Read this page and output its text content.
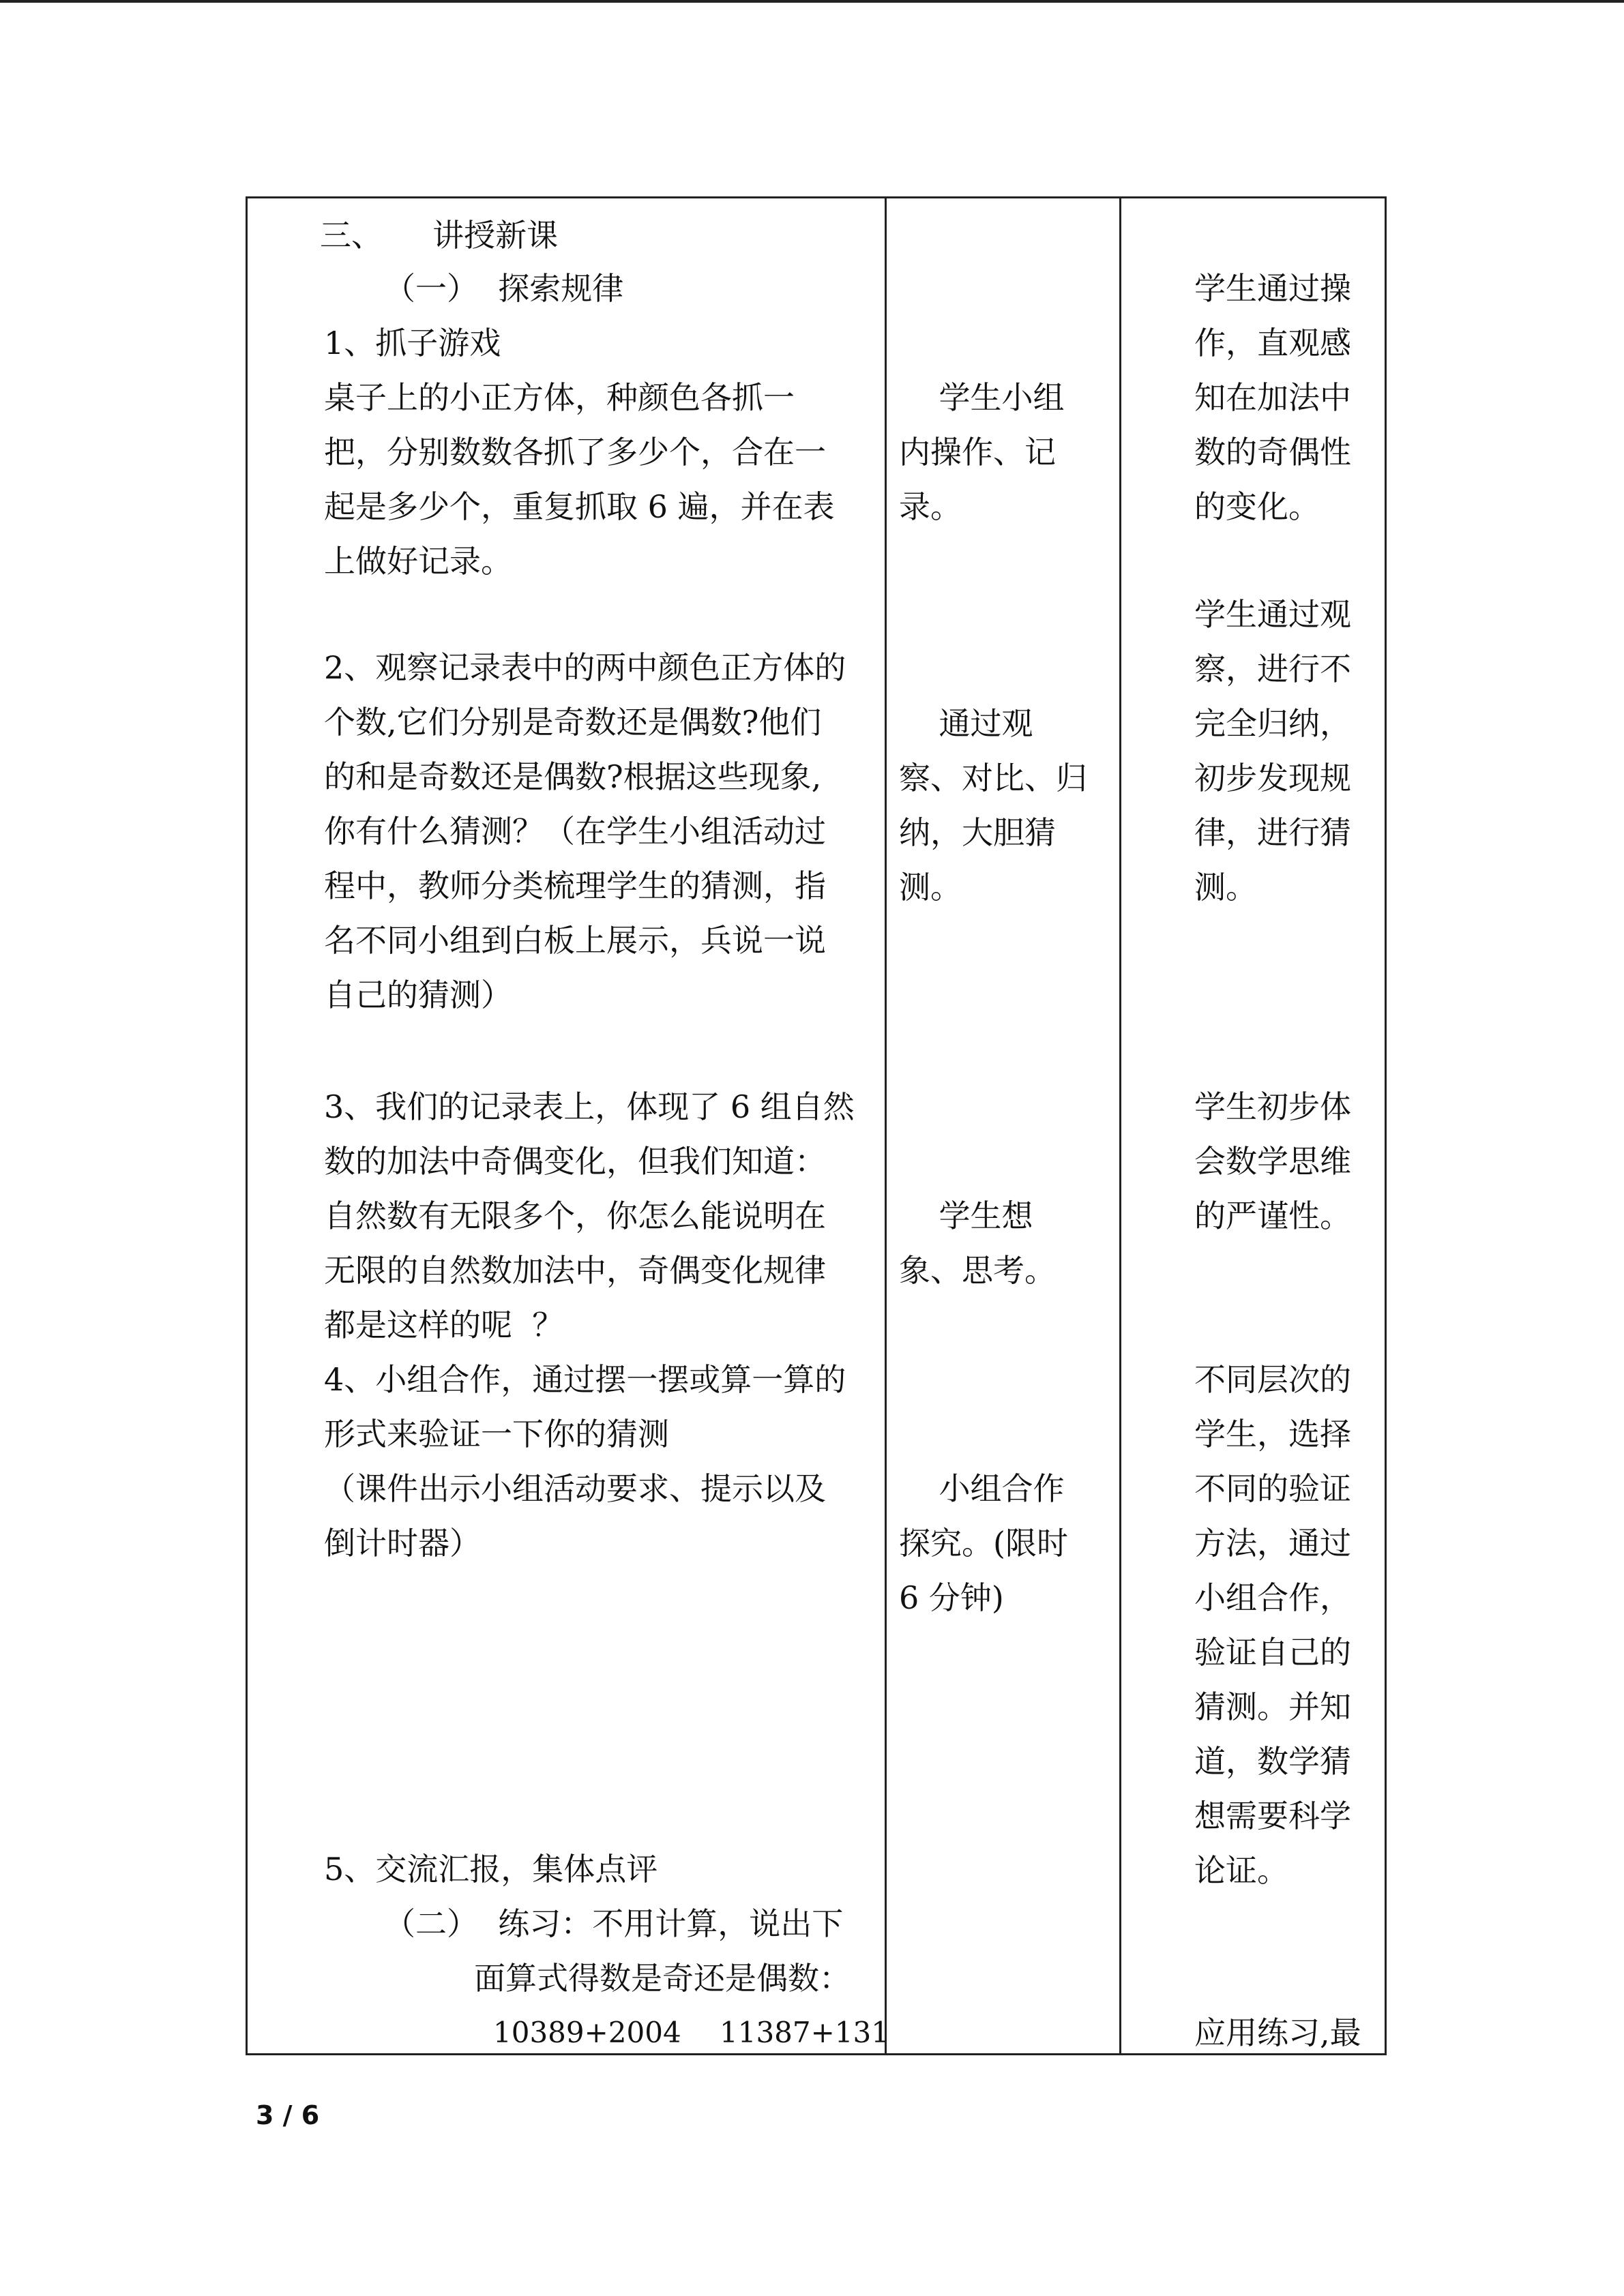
三、     讲授新课

（一）  探索规律

1、抓子游戏

桌子上的小正方体，种颜色各抓一
把，分别数数各抓了多少个，合在一
起是多少个，重复抓取 6 遍，并在表
上做好记录。

2、观察记录表中的两中颜色正方体的
个数,它们分别是奇数还是偶数?他们
的和是奇数还是偶数?根据这些现象,
你有什么猜测？（在学生小组活动过
程中，教师分类梳理学生的猜测，指
名不同小组到白板上展示，兵说一说
自己的猜测）

3、我们的记录表上，体现了 6 组自然
数的加法中奇偶变化，但我们知道：
自然数有无限多个，你怎么能说明在
无限的自然数加法中，奇偶变化规律
都是这样的呢  ？

4、小组合作，通过摆一摆或算一算的
形式来验证一下你的猜测
（课件出示小组活动要求、提示以及
倒计时器）

5、交流汇报，集体点评

（二）  练习：不用计算，说出下

面算式得数是奇还是偶数：

10389+2004 11387+131

学生小组
内操作、记
录。

通过观
察、对比、归
纳，大胆猜
测。

学生想
象、思考。

小组合作
探究。(限时
6 分钟)

学生通过操
作，直观感
知在加法中
数的奇偶性
的变化。

学生通过观
察，进行不
完全归纳，
初步发现规
律，进行猜
测。

学生初步体
会数学思维
的严谨性。

不同层次的
学生，选择
不同的验证
方法，通过
小组合作，
验证自己的
猜测。并知
道，数学猜
想需要科学
论证。

应用练习,最

3 / 6
